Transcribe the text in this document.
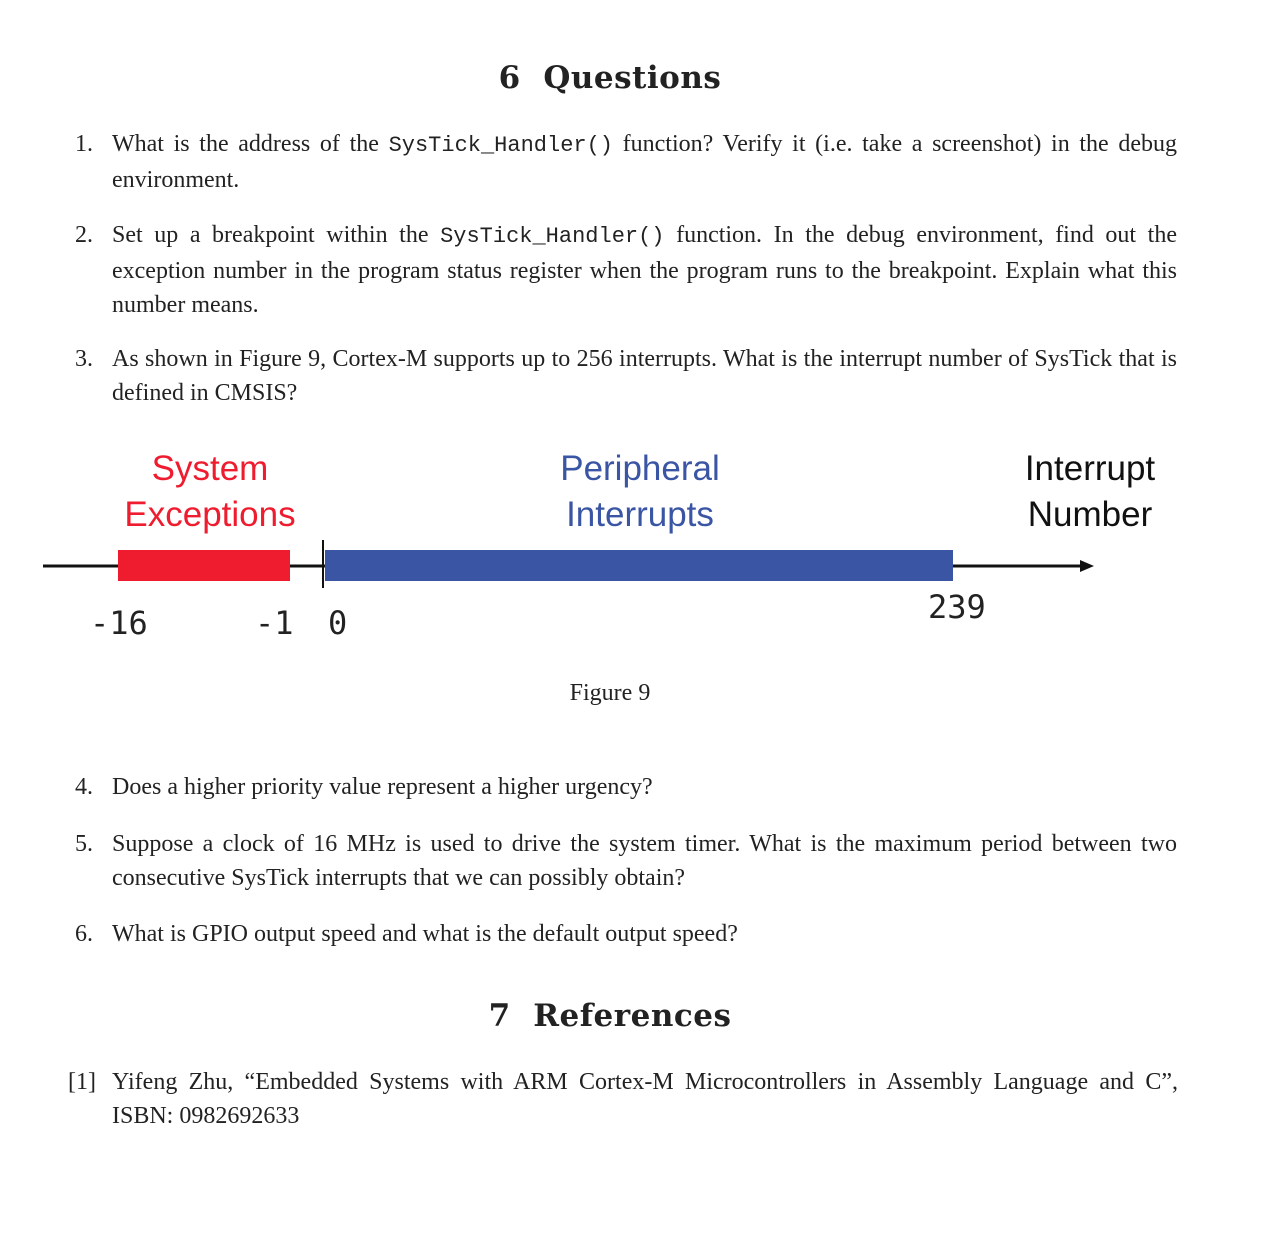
6 Questions
1. What is the address of the SysTick_Handler() function? Verify it (i.e. take a screenshot) in the debug environment.
2. Set up a breakpoint within the SysTick_Handler() function. In the debug environment, find out the exception number in the program status register when the program runs to the breakpoint. Explain what this number means.
3. As shown in Figure 9, Cortex-M supports up to 256 interrupts. What is the interrupt number of SysTick that is defined in CMSIS?
System
Exceptions
Peripheral
Interrupts
Interrupt
Number
-16	-1 0	239
Figure 9
4. Does a higher priority value represent a higher urgency?
5. Suppose a clock of 16 MHz is used to drive the system timer. What is the maximum period between two consecutive SysTick interrupts that we can possibly obtain?
6. What is GPIO output speed and what is the default output speed?
7 References
[1] Yifeng Zhu, “Embedded Systems with ARM Cortex-M Microcontrollers in Assembly Language and C”, ISBN: 0982692633
